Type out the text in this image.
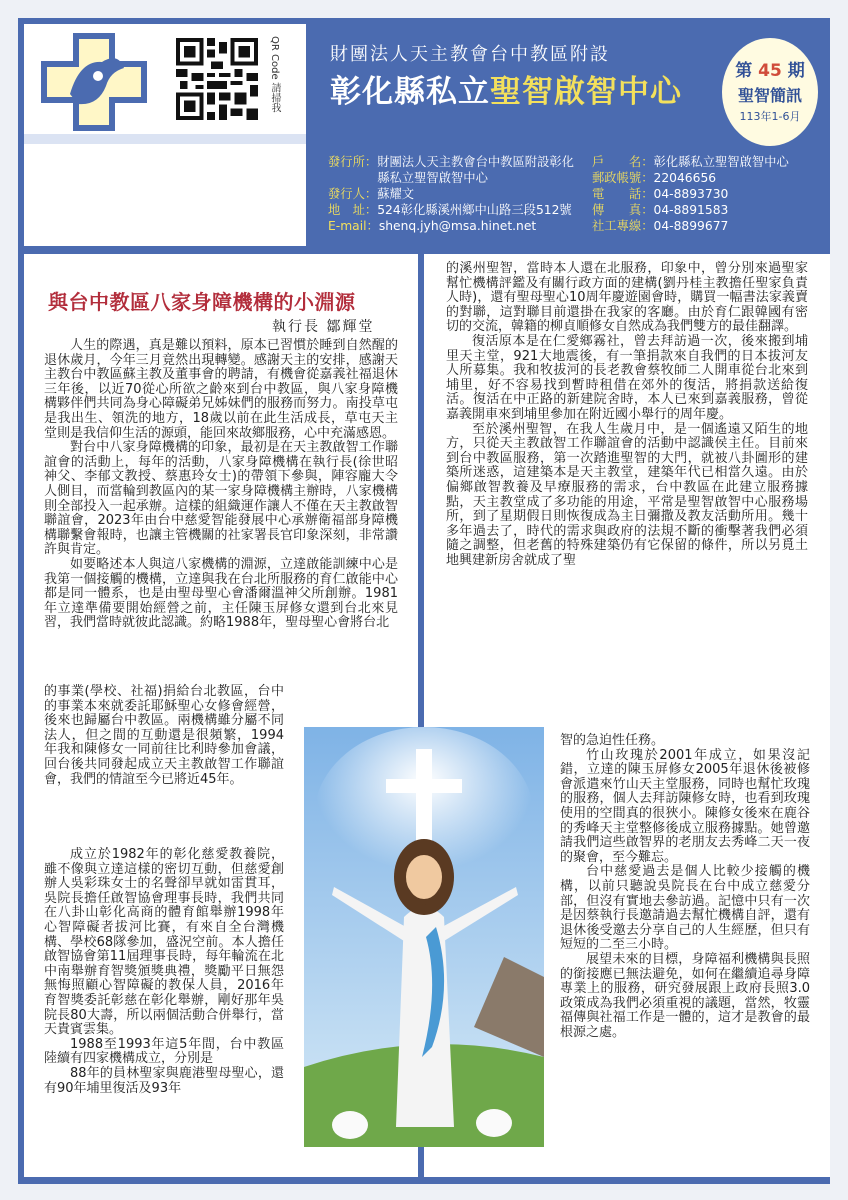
QR Code 請掃我	財團法人天主教會台中教區附設
彰化縣私立聖智啟智中心
第 45 期
聖智簡訊
113年1-6月
發行所： 財團法人天主教會台中教區附設彰化縣私立聖智啟智中心
發行人： 蘇耀文
地　址： 524彰化縣溪州鄉中山路三段512號
E-mail： shenq.jyh@msa.hinet.net
戶　　名： 彰化縣私立聖智啟智中心
郵政帳號： 22046656
電　　話： 04-8893730
傳　　真： 04-8891583
社工專線： 04-8899677
與台中教區八家身障機構的小淵源
執行長 鄒輝堂

人生的際遇，真是難以預料，原本已習慣於睡到自然醒的退休歲月，今年三月竟然出現轉變。感謝天主的安排，感謝天主教台中教區蘇主教及董事會的聘請，有機會從嘉義社福退休三年後，以近70從心所欲之齡來到台中教區，與八家身障機構夥伴們共同為身心障礙弟兄姊妹們的服務而努力。南投草屯是我出生、領洗的地方，18歲以前在此生活成長，草屯天主堂則是我信仰生活的源頭，能回來故鄉服務，心中充滿感恩。

對台中八家身障機構的印象，最初是在天主教啟智工作聯誼會的活動上，每年的活動，八家身障機構在執行長(徐世昭神父、李郁文教授、蔡惠玲女士)的帶領下參與，陣容龐大令人側目，而當輪到教區內的某一家身障機構主辦時，八家機構則全部投入一起承辦。這樣的組織運作讓人不僅在天主教啟智聯誼會，2023年由台中慈愛智能發展中心承辦衛福部身障機構聯繫會報時，也讓主管機關的社家署長官印象深刻，非常讚許與肯定。

如要略述本人與這八家機構的淵源，立達啟能訓練中心是我第一個接觸的機構，立達與我在台北所服務的育仁啟能中心都是同一體系，也是由聖母聖心會潘爾溫神父所創辦。1981年立達準備要開始經營之前，主任陳玉屏修女還到台北來見習，我們當時就彼此認識。約略1988年，聖母聖心會將台北

的事業(學校、社福)捐給台北教區，台中的事業本來就委託耶穌聖心女修會經營，後來也歸屬台中教區。兩機構雖分屬不同法人，但之間的互動還是很頻繁，1994年我和陳修女一同前往比利時參加會議，回台後共同發起成立天主教啟智工作聯誼會，我們的情誼至今已將近45年。

成立於1982年的彰化慈愛教養院，雖不像與立達這樣的密切互動，但慈愛創辦人吳彩珠女士的名聲卻早就如雷貫耳，吳院長擔任啟智協會理事長時，我們共同在八卦山彰化高商的體育館舉辦1998年心智障礙者拔河比賽，有來自全台灣機構、學校68隊參加，盛況空前。本人擔任啟智協會第11屆理事長時，每年輪流在北中南舉辦育智獎頒獎典禮，獎勵平日無怨無悔照顧心智障礙的教保人員，2016年育智獎委託彰慈在彰化舉辦，剛好那年吳院長80大壽，所以兩個活動合併舉行，當天貴賓雲集。

1988至1993年這5年間，台中教區陸續有四家機構成立，分別是

88年的員林聖家與鹿港聖母聖心，還有90年埔里復活及93年

的溪州聖智，當時本人還在北服務，印象中，曾分別來過聖家幫忙機構評鑑及有關行政方面的建構(劉丹桂主教擔任聖家負責人時)，還有聖母聖心10周年慶遊園會時，購買一幅書法家義賣的對聯，這對聯目前還掛在我家的客廳。由於育仁跟韓國有密切的交流，韓籍的柳貞順修女自然成為我們雙方的最佳翻譯。

復活原本是在仁愛鄉霧社，曾去拜訪過一次，後來搬到埔里天主堂，921大地震後，有一筆捐款來自我們的日本拔河友人所募集。我和牧拔河的長老教會蔡牧師二人開車從台北來到埔里，好不容易找到暫時租借在郊外的復活，將捐款送給復活。復活在中正路的新建院舍時，本人已來到嘉義服務，曾從嘉義開車來到埔里參加在附近國小舉行的周年慶。

至於溪州聖智，在我人生歲月中，是一個遙遠又陌生的地方，只從天主教啟智工作聯誼會的活動中認識侯主任。目前來到台中教區服務，第一次踏進聖智的大門，就被八卦圖形的建築所迷惑，這建築本是天主教堂，建築年代已相當久遠。由於偏鄉啟智教養及早療服務的需求，台中教區在此建立服務據點，天主教堂成了多功能的用途，平常是聖智啟智中心服務場所，到了星期假日則恢復成為主日彌撒及教友活動所用。幾十多年過去了，時代的需求與政府的法規不斷的衝擊著我們必須隨之調整，但老舊的特殊建築仍有它保留的條件，所以另覓土地興建新房舍就成了聖

智的急迫性任務。

竹山玫瑰於2001年成立，如果沒記錯，立達的陳玉屏修女2005年退休後被修會派遣來竹山天主堂服務，同時也幫忙玫瑰的服務，個人去拜訪陳修女時，也看到玫瑰使用的空間真的很狹小。陳修女後來在鹿谷的秀峰天主堂整修後成立服務據點。她曾邀請我們這些啟智界的老朋友去秀峰二天一夜的聚會，至今難忘。

台中慈愛過去是個人比較少接觸的機構，以前只聽說吳院長在台中成立慈愛分部，但沒有實地去參訪過。記憶中只有一次是因蔡執行長邀請過去幫忙機構自評，還有退休後受邀去分享自己的人生經歷，但只有短短的二至三小時。

展望未來的目標，身障福利機構與長照的銜接應已無法避免，如何在繼續追尋身障專業上的服務，研究發展跟上政府長照3.0政策成為我們必須重視的議題，當然，牧靈福傳與社福工作是一體的，這才是教會的最根源之處。
